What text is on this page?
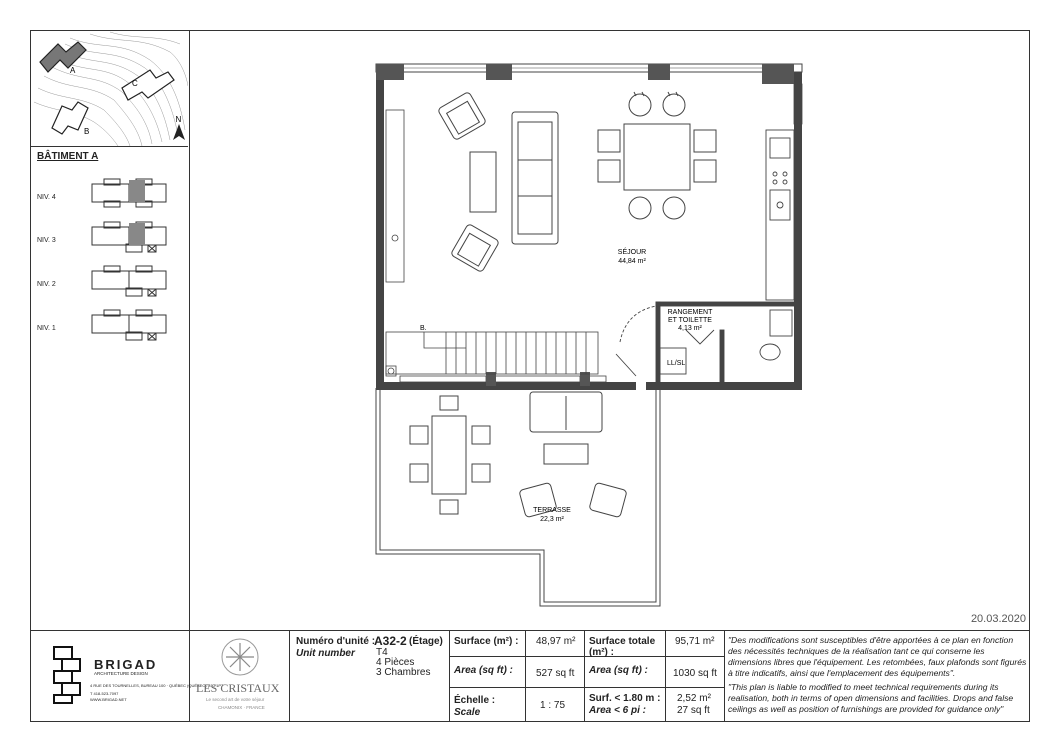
A
B
C
N
BÂTIMENT A
NIV. 4
NIV. 3
NIV. 2
NIV. 1	B.
LL/SL
SÉJOUR
44,84 m²
RANGEMENT ET TOILETTE
4,13 m²
TERRASSE
22,3 m²
20.03.2020
BRIGAD
ARCHITECTURE DESIGN
4 RUE DES TOURNELLES, BUREAU 100 · QUÉBEC (QUÉBEC) G1J 1P7
T 418-523-7097
WWW.BRIGAD.NET
LES CRISTAUX
Le second art de votre séjour
CHAMONIX · FRANCE
Numéro d'unité :
A32-2 (Étage)
Unit number T4
4 Pièces
3 Chambres
Surface (m²) : 48,97 m²
Area (sq ft) : 527 sq ft
Échelle :
Scale
1 : 75
Surface totale
(m²) :
95,71 m²
Area (sq ft) :	1030 sq ft
Surf. < 1.80 m :
Area < 6 pi :
2,52 m²
27 sq ft

"Des modifications sont susceptibles d'être apportées à ce plan en fonction des nécessités techniques de la réalisation tant ce qui conserne les dimensions libres que l'équipement. Les retombées, faux plafonds sont figurés à titre indicatifs, ainsi que l'emplacement des équipements".

"This plan is liable to modified to meet technical requirements during its realisation, both in terms of open dimensions and facilities. Drops and false ceilings as well as position of furnishings are provided for guidance only"
